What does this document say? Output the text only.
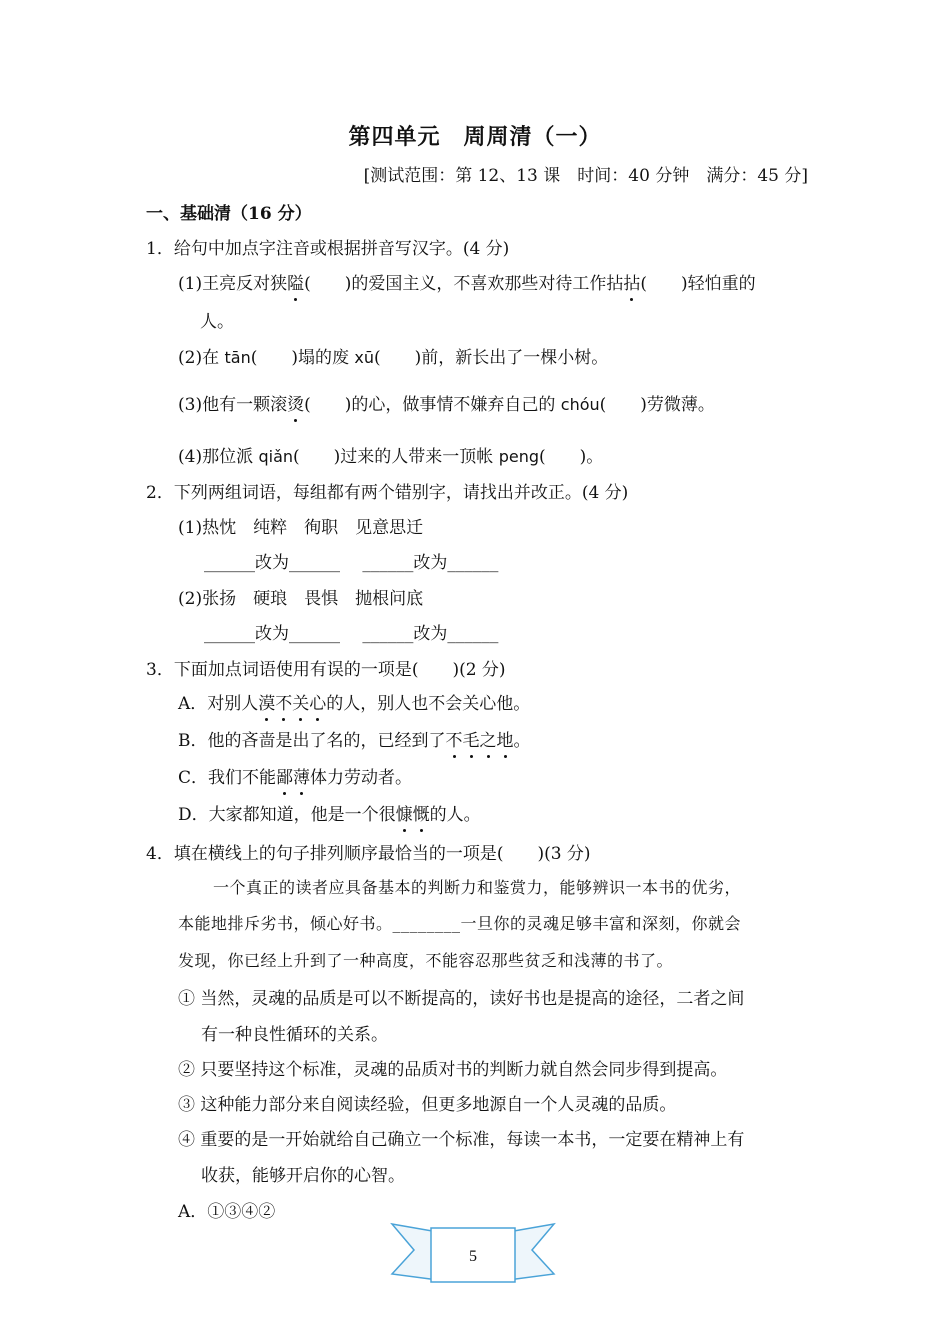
第四单元　周周清（一）
[测试范围：第 12、13 课　时间：40 分钟　满分：45 分]
一、基础清（16 分）
1．给句中加点字注音或根据拼音写汉字。(4 分)
(1)王亮反对狭隘(　　)的爱国主义，不喜欢那些对待工作拈拈(　　)轻怕重的
人。
(2)在 tān(　　)塌的废 xū(　　)前，新长出了一棵小树。
(3)他有一颗滚烫(　　)的心，做事情不嫌弃自己的 chóu(　　)劳微薄。
(4)那位派 qiǎn(　　)过来的人带来一顶帐 peng(　　)。
2．下列两组词语，每组都有两个错别字，请找出并改正。(4 分)
(1)热忱　纯粹　徇职　见意思迁
______改为______　 ______改为______
(2)张扬　硬琅　畏惧　抛根问底
______改为______　 ______改为______
3．下面加点词语使用有误的一项是(　　)(2 分)
A．对别人漠不关心的人，别人也不会关心他。
B．他的吝啬是出了名的，已经到了不毛之地。
C．我们不能鄙薄体力劳动者。
D．大家都知道，他是一个很慷慨的人。
4．填在横线上的句子排列顺序最恰当的一项是(　　)(3 分)
一个真正的读者应具备基本的判断力和鉴赏力，能够辨识一本书的优劣，
本能地排斥劣书，倾心好书。________一旦你的灵魂足够丰富和深刻，你就会
发现，你已经上升到了一种高度，不能容忍那些贫乏和浅薄的书了。
① 当然，灵魂的品质是可以不断提高的，读好书也是提高的途径，二者之间
有一种良性循环的关系。
② 只要坚持这个标准，灵魂的品质对书的判断力就自然会同步得到提高。
③ 这种能力部分来自阅读经验，但更多地源自一个人灵魂的品质。
④ 重要的是一开始就给自己确立一个标准，每读一本书，一定要在精神上有
收获，能够开启你的心智。
A．①③④②
5
